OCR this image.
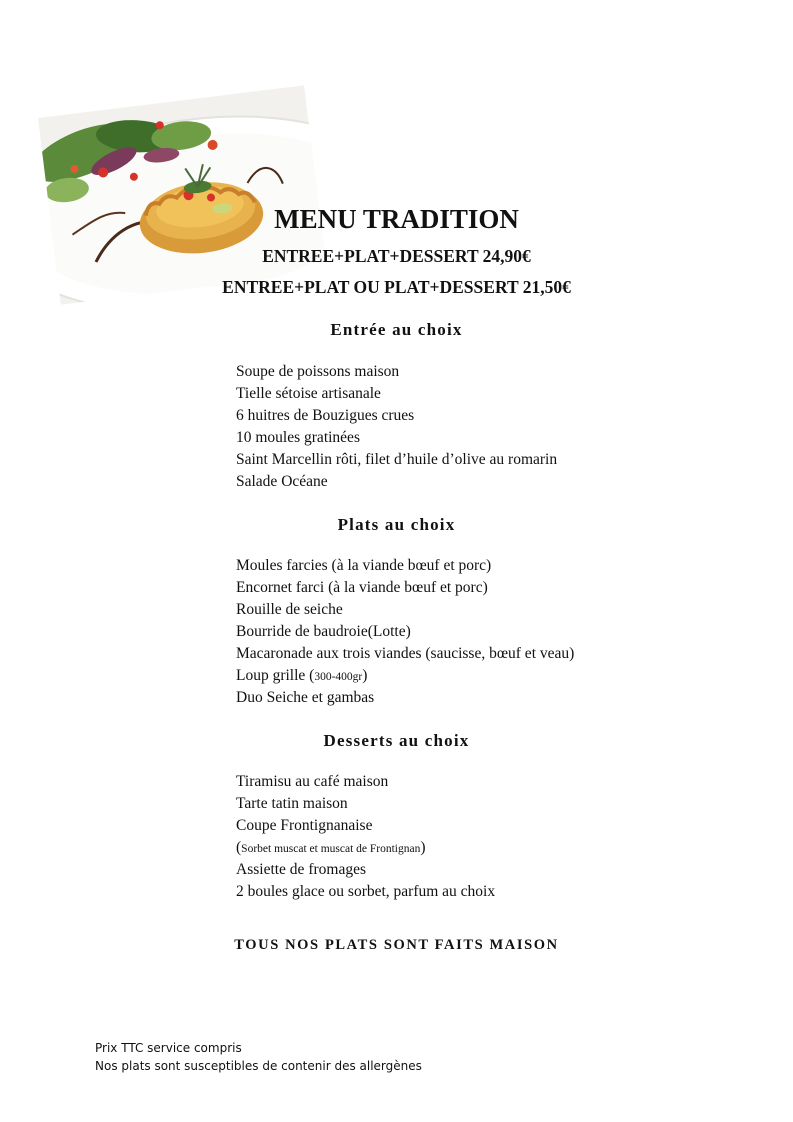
MENU TRADITION
ENTREE+PLAT+DESSERT 24,90€
ENTREE+PLAT OU PLAT+DESSERT 21,50€
Entrée au choix
Soupe de poissons maison
Tielle sétoise artisanale
6 huitres de Bouzigues crues
10 moules gratinées
Saint Marcellin rôti, filet d’huile d’olive au romarin
Salade Océane
Plats au choix
Moules farcies (à la viande bœuf et porc)
Encornet farci (à la viande bœuf et porc)
Rouille de seiche
Bourride de baudroie(Lotte)
Macaronade aux trois viandes (saucisse, bœuf et veau)
Loup grille (300-400gr)
Duo Seiche et gambas
Desserts au choix
Tiramisu au café maison
Tarte tatin maison
Coupe Frontignanaise
(Sorbet muscat et muscat de Frontignan)
Assiette de fromages
2 boules glace ou sorbet, parfum au choix
TOUS NOS PLATS SONT FAITS MAISON
Prix TTC service compris
Nos plats sont susceptibles de contenir des allergènes
